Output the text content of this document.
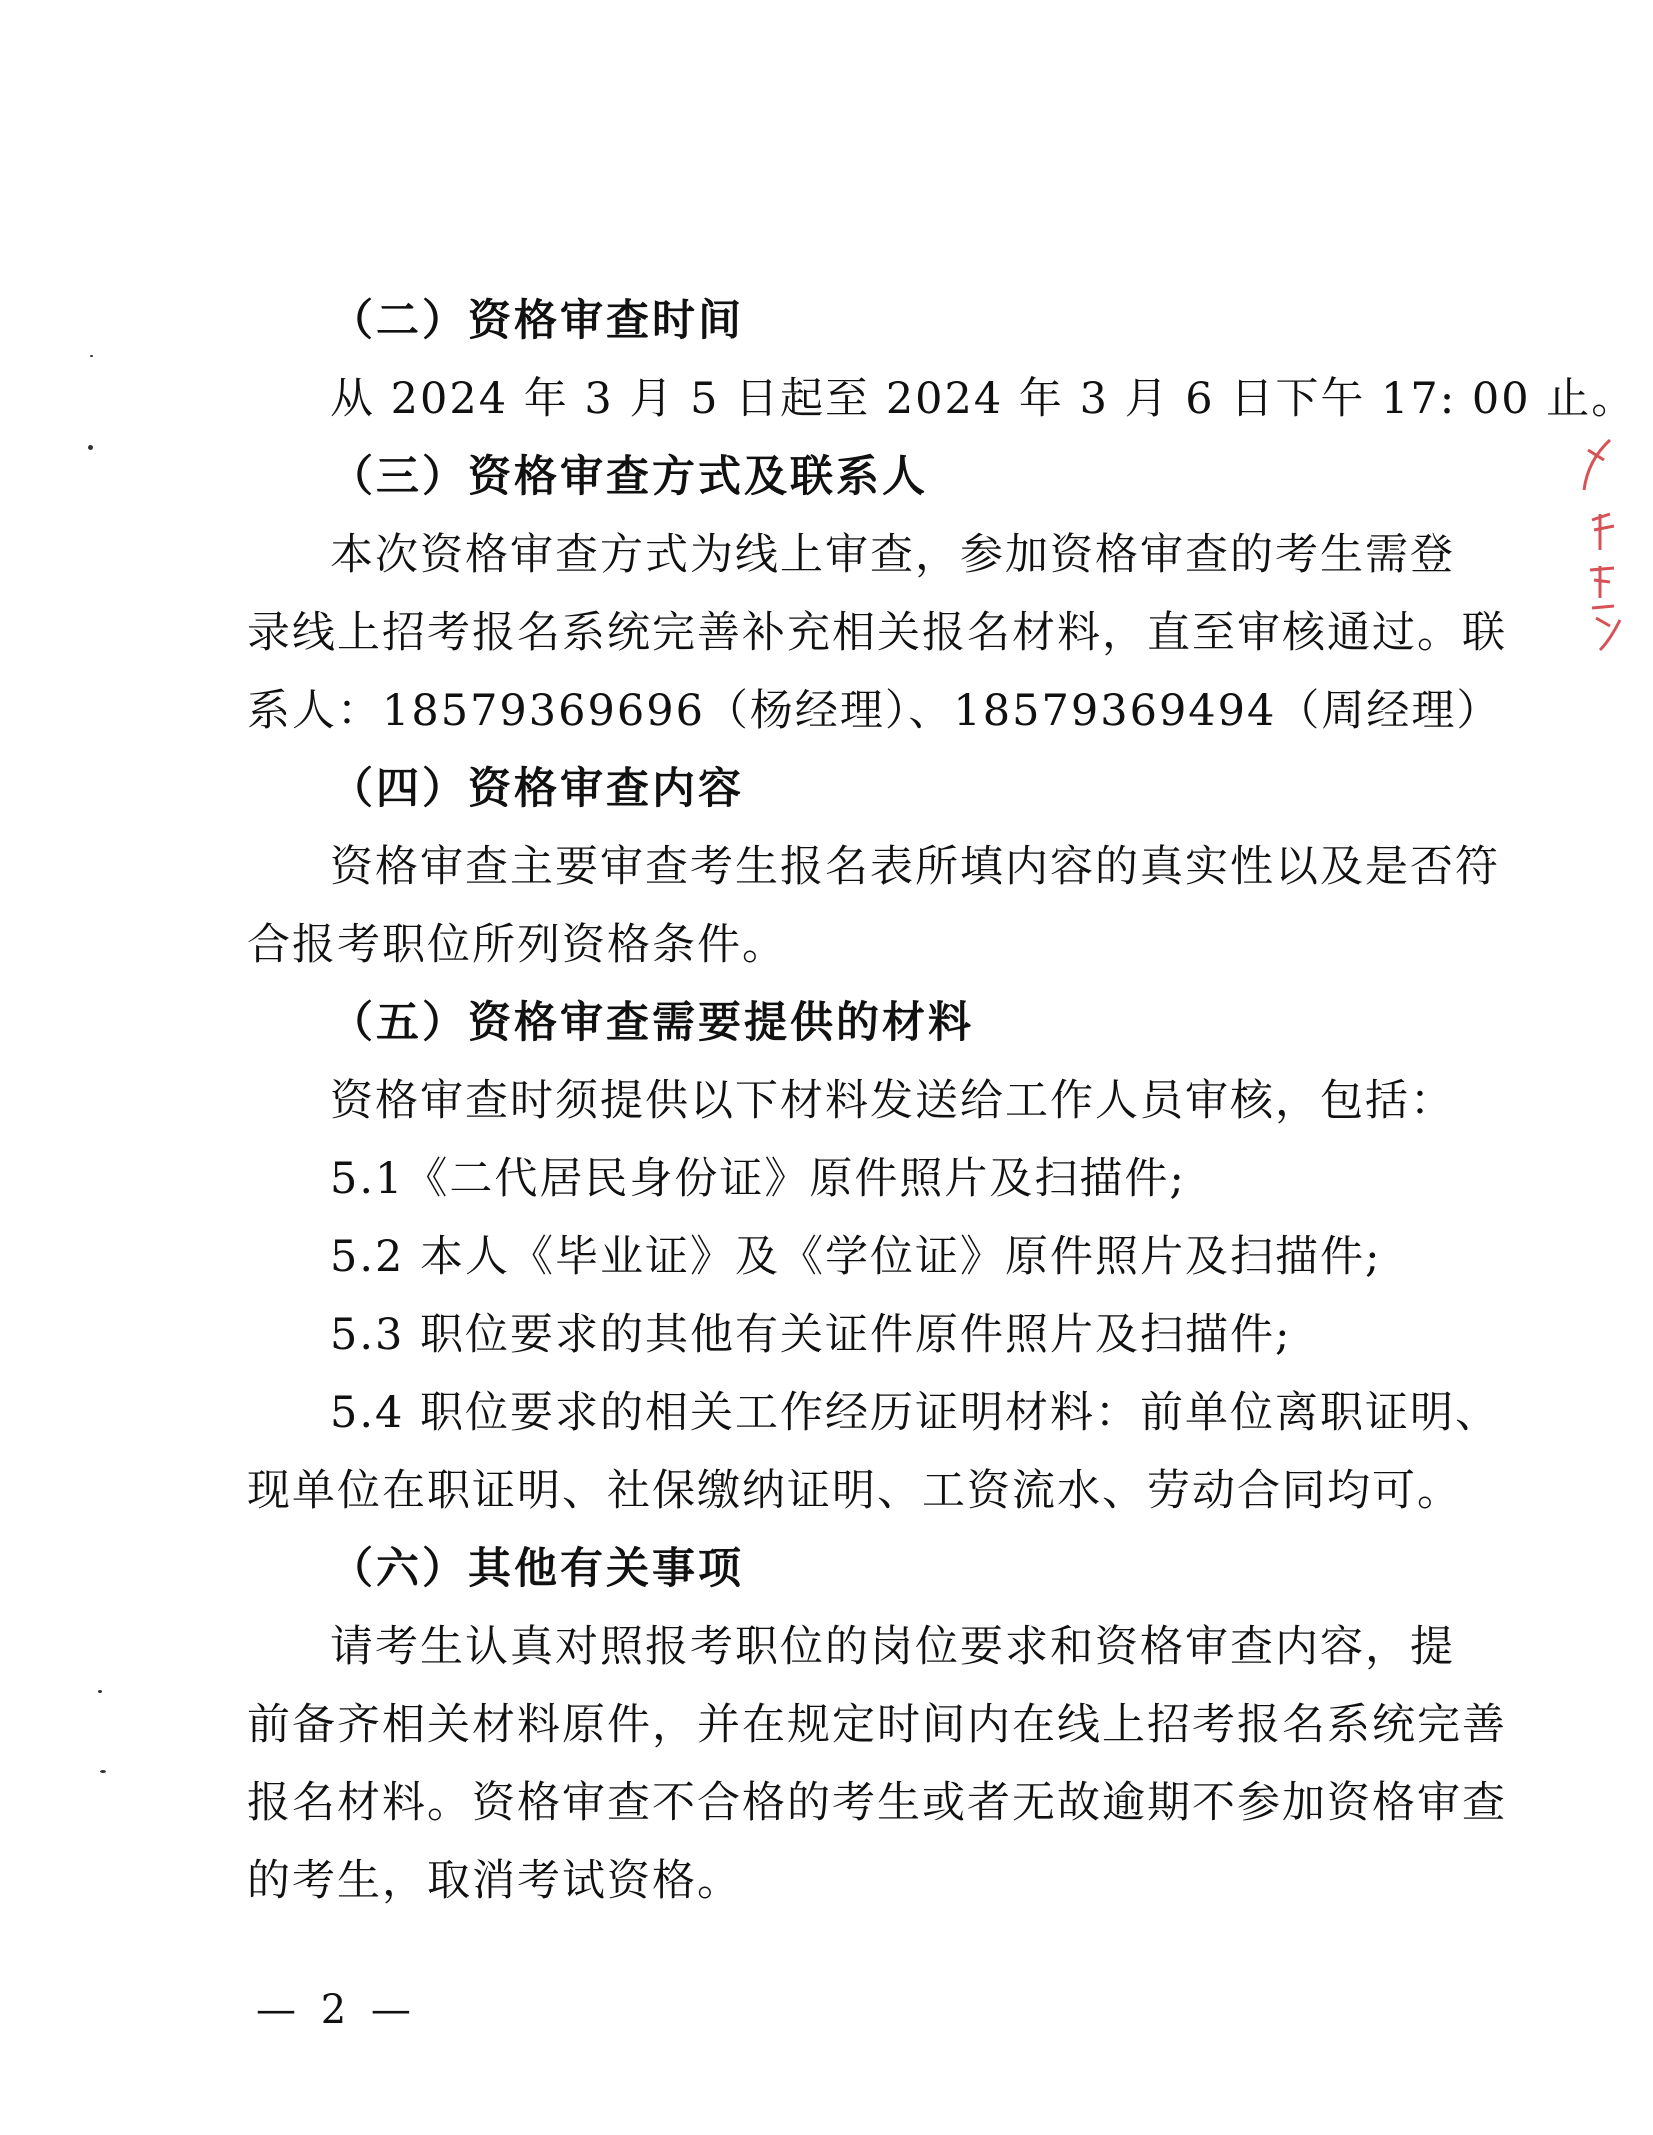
（二）资格审查时间
从 2024 年 3 月 5 日起至 2024 年 3 月 6 日下午 17: 00 止。
（三）资格审查方式及联系人
本次资格审查方式为线上审查，参加资格审查的考生需登
录线上招考报名系统完善补充相关报名材料，直至审核通过。联
系人：18579369696（杨经理）、18579369494（周经理）
（四）资格审查内容
资格审查主要审查考生报名表所填内容的真实性以及是否符
合报考职位所列资格条件。
（五）资格审查需要提供的材料
资格审查时须提供以下材料发送给工作人员审核，包括：
5.1《二代居民身份证》原件照片及扫描件;
5.2 本人《毕业证》及《学位证》原件照片及扫描件;
5.3 职位要求的其他有关证件原件照片及扫描件;
5.4 职位要求的相关工作经历证明材料：前单位离职证明、
现单位在职证明、社保缴纳证明、工资流水、劳动合同均可。
（六）其他有关事项
请考生认真对照报考职位的岗位要求和资格审查内容，提
前备齐相关材料原件，并在规定时间内在线上招考报名系统完善
报名材料。资格审查不合格的考生或者无故逾期不参加资格审查
的考生，取消考试资格。
— 2 —
